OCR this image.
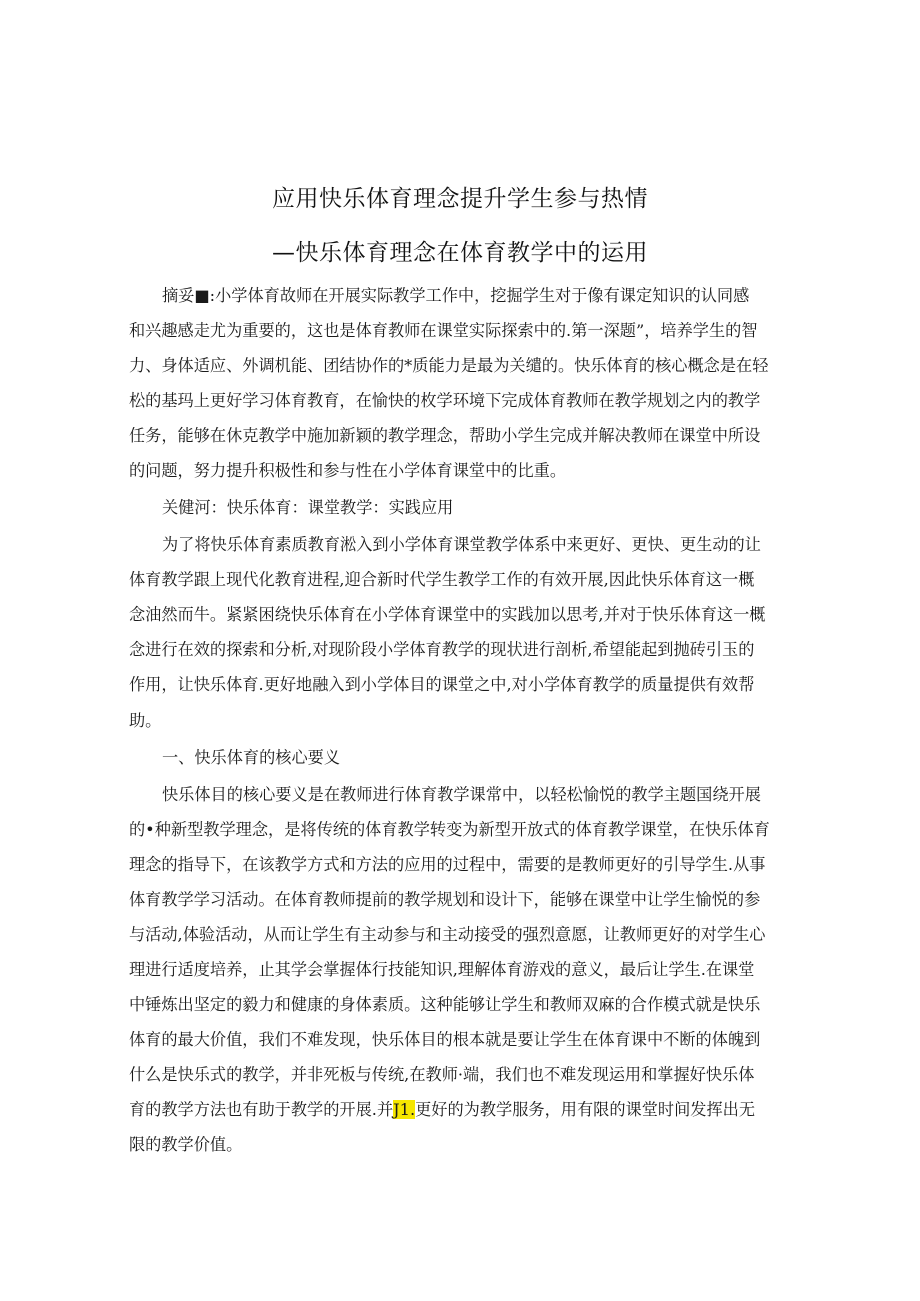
应用快乐体育理念提升学生参与热情
—快乐体育理念在体育教学中的运用
摘妥■:小学体育故师在开展实际教学工作中，挖掘学生对于像有课定知识的认同感
和兴趣感走尤为重要的，这也是体育教师在课堂实际探索中的.第一深题”，培养学生的智
力、身体适应、外调机能、团结协作的*质能力是最为关缱的。快乐体育的核心概念是在轻
松的基玛上更好学习体育教育，在愉快的枚学环境下完成体育教师在教学规划之内的教学
任务，能够在休克教学中施加新颖的教学理念，帮助小学生完成并解决教师在课堂中所设
的问题，努力提升积极性和参与性在小学体育课堂中的比重。
关健河：快乐体育：课堂教学：实践应用
为了将快乐体育素质教育淞入到小学体育课堂教学体系中来更好、更快、更生动的让
体育教学跟上现代化教育进程,迎合新时代学生教学工作的有效开展,因此快乐体育这一概
念油然而牛。紧紧困绕快乐体育在小学体育课堂中的实践加以思考,并对于快乐体育这一概
念进行在效的探索和分析,对现阶段小学体育教学的现状进行剖析,希望能起到抛砖引玉的
作用，让快乐体育.更好地融入到小学体目的课堂之中,对小学体育教学的质量提供有效帮
助。
一、快乐体育的核心要义
快乐体目的核心要义是在教师进行体育教学课常中，以轻松愉悦的教学主题国绕开展
的•种新型教学理念，是将传统的体育教学转变为新型开放式的体育教学课堂，在快乐体育
理念的指导下，在该教学方式和方法的应用的过程中，需要的是教师更好的引导学生.从事
体育教学学习活动。在体育教师提前的教学规划和设计下，能够在课堂中让学生愉悦的参
与活动,体验活动，从而让学生有主动参与和主动接受的强烈意愿，让教师更好的对学生心
理进行适度培养，止其学会掌握体行技能知识,理解体育游戏的意义，最后让学生.在课堂
中锤炼出坚定的毅力和健康的身体素质。这种能够让学生和教师双麻的合作模式就是快乐
体育的最大价值，我们不难发现，快乐体目的根本就是要让学生在体育课中不断的体魄到
什么是快乐式的教学，并非死板与传统,在教师·端，我们也不难发现运用和掌握好快乐体
育的教学方法也有助于教学的开展.并J1.更好的为教学服务，用有限的课堂时间发挥出无
限的教学价值。
